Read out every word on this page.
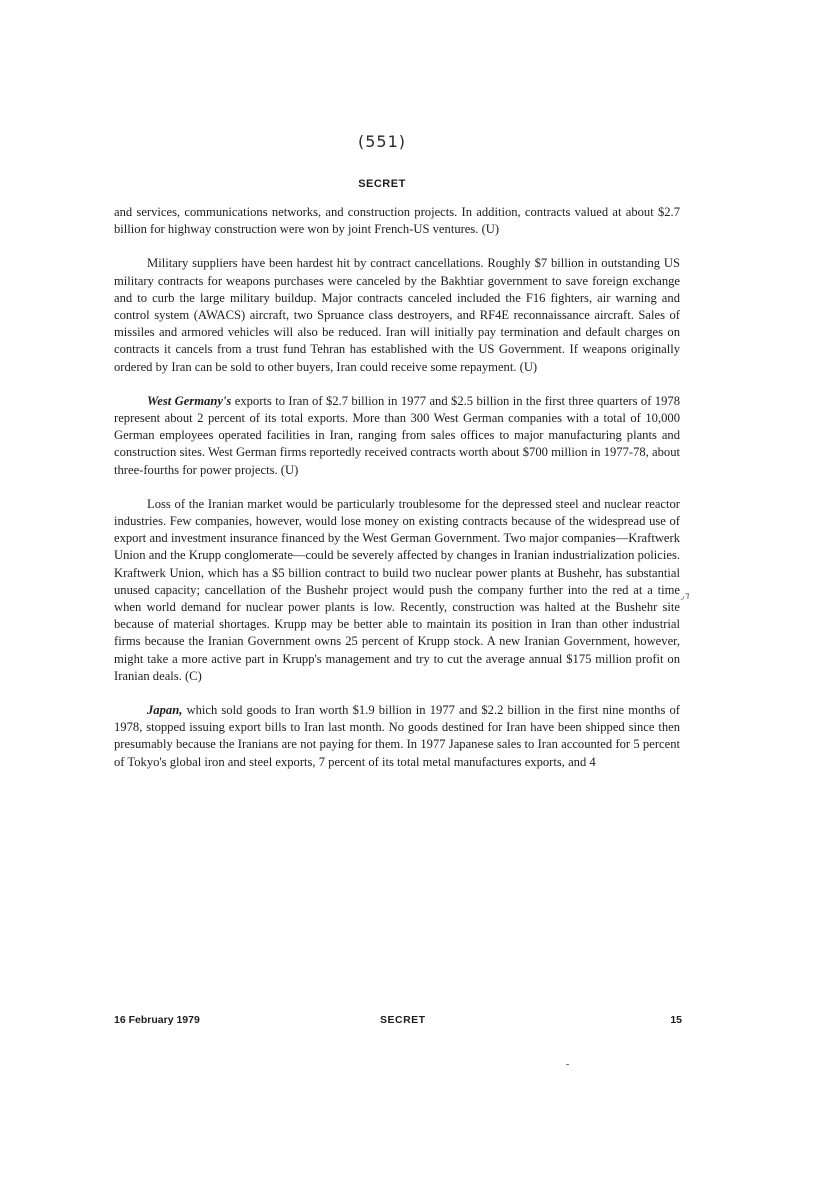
(551)
SECRET

and services, communications networks, and construction projects. In addition, contracts valued at about $2.7 billion for highway construction were won by joint French-US ventures. (U)

Military suppliers have been hardest hit by contract cancellations. Roughly $7 billion in outstanding US military contracts for weapons purchases were canceled by the Bakhtiar government to save foreign exchange and to curb the large military buildup. Major contracts canceled included the F16 fighters, air warning and control system (AWACS) aircraft, two Spruance class destroyers, and RF4E reconnaissance aircraft. Sales of missiles and armored vehicles will also be reduced. Iran will initially pay termination and default charges on contracts it cancels from a trust fund Tehran has established with the US Government. If weapons originally ordered by Iran can be sold to other buyers, Iran could receive some repayment. (U)

West Germany's exports to Iran of $2.7 billion in 1977 and $2.5 billion in the first three quarters of 1978 represent about 2 percent of its total exports. More than 300 West German companies with a total of 10,000 German employees operated facilities in Iran, ranging from sales offices to major manufacturing plants and construction sites. West German firms reportedly received contracts worth about $700 million in 1977-78, about three-fourths for power projects. (U)

Loss of the Iranian market would be particularly troublesome for the depressed steel and nuclear reactor industries. Few companies, however, would lose money on existing contracts because of the widespread use of export and investment insurance financed by the West German Government. Two major companies—Kraftwerk Union and the Krupp conglomerate—could be severely affected by changes in Iranian industrialization policies. Kraftwerk Union, which has a $5 billion contract to build two nuclear power plants at Bushehr, has substantial unused capacity; cancellation of the Bushehr project would push the company further into the red at a time when world demand for nuclear power plants is low. Recently, construction was halted at the Bushehr site because of material shortages. Krupp may be better able to maintain its position in Iran than other industrial firms because the Iranian Government owns 25 percent of Krupp stock. A new Iranian Government, however, might take a more active part in Krupp's management and try to cut the average annual $175 million profit on Iranian deals. (C)

Japan, which sold goods to Iran worth $1.9 billion in 1977 and $2.2 billion in the first nine months of 1978, stopped issuing export bills to Iran last month. No goods destined for Iran have been shipped since then presumably because the Iranians are not paying for them. In 1977 Japanese sales to Iran accounted for 5 percent of Tokyo's global iron and steel exports, 7 percent of its total metal manufactures exports, and 4

٫٦
16 February 1979	SECRET	15
